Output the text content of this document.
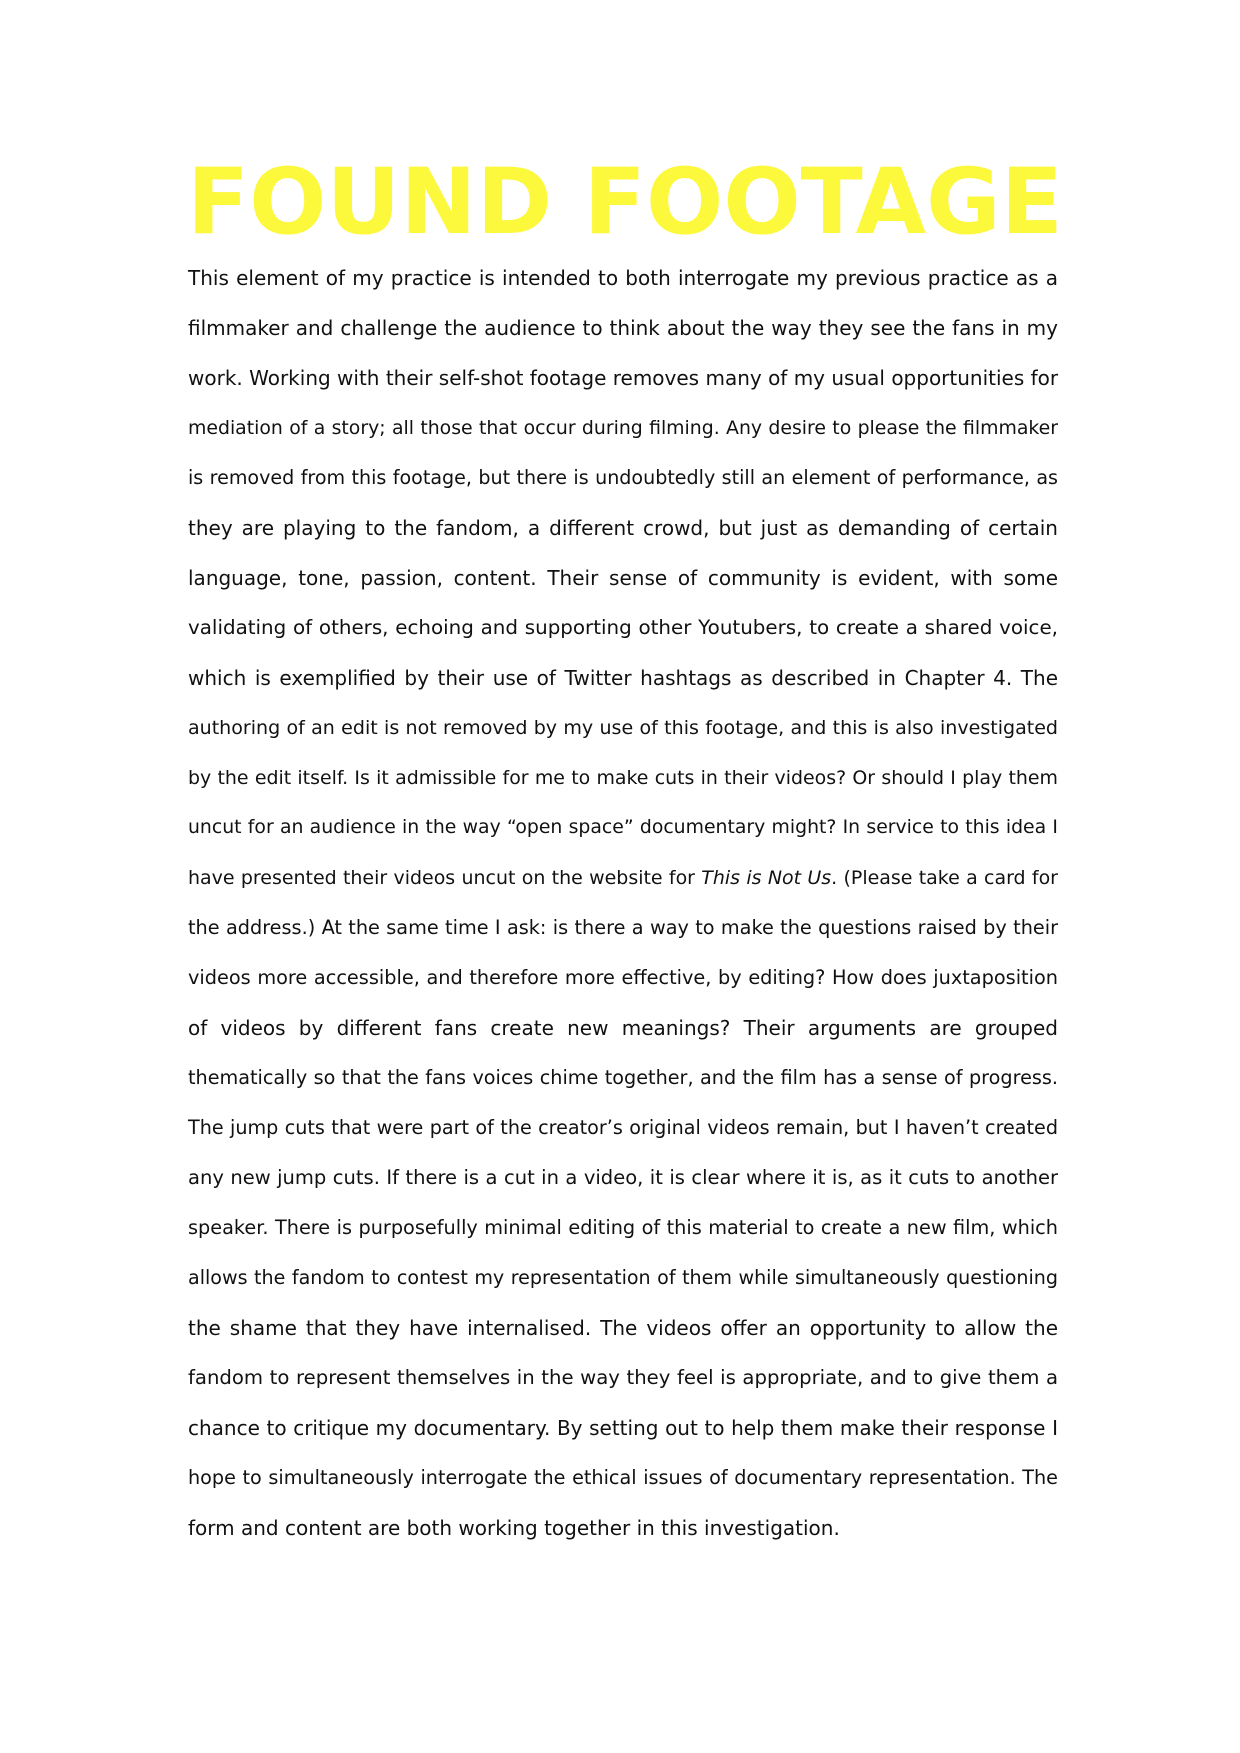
FOUND FOOTAGE
This element of my practice is intended to both interrogate my previous practice as a
filmmaker and challenge the audience to think about the way they see the fans in my
work. Working with their self-shot footage removes many of my usual opportunities for
mediation of a story; all those that occur during filming. Any desire to please the filmmaker
is removed from this footage, but there is undoubtedly still an element of performance, as
they are playing to the fandom, a different crowd, but just as demanding of certain
language, tone, passion, content. Their sense of community is evident, with some
validating of others, echoing and supporting other Youtubers, to create a shared voice,
which is exemplified by their use of Twitter hashtags as described in Chapter 4. The
authoring of an edit is not removed by my use of this footage, and this is also investigated
by the edit itself. Is it admissible for me to make cuts in their videos? Or should I play them
uncut for an audience in the way “open space” documentary might? In service to this idea I
have presented their videos uncut on the website for This is Not Us. (Please take a card for
the address.) At the same time I ask: is there a way to make the questions raised by their
videos more accessible, and therefore more effective, by editing? How does juxtaposition
of videos by different fans create new meanings? Their arguments are grouped
thematically so that the fans voices chime together, and the film has a sense of progress.
The jump cuts that were part of the creator’s original videos remain, but I haven’t created
any new jump cuts. If there is a cut in a video, it is clear where it is, as it cuts to another
speaker. There is purposefully minimal editing of this material to create a new film, which
allows the fandom to contest my representation of them while simultaneously questioning
the shame that they have internalised. The videos offer an opportunity to allow the
fandom to represent themselves in the way they feel is appropriate, and to give them a
chance to critique my documentary. By setting out to help them make their response I
hope to simultaneously interrogate the ethical issues of documentary representation. The
form and content are both working together in this investigation.
